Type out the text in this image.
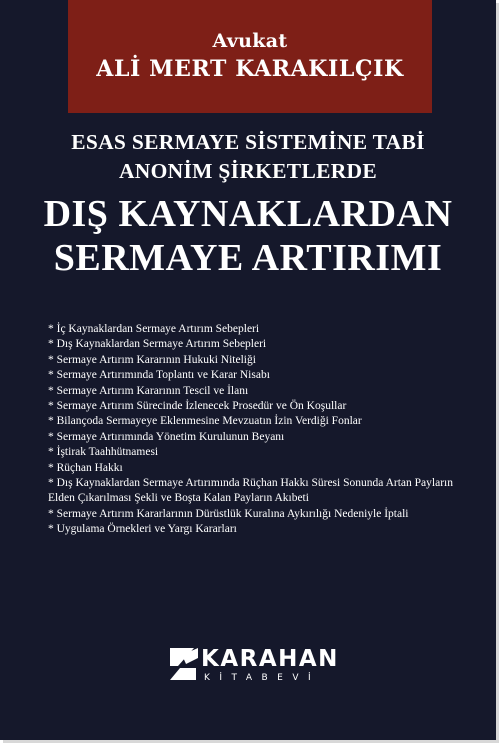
Avukat
ALİ MERT KARAKILÇIK
ESAS SERMAYE SİSTEMİNE TABİ
ANONİM ŞİRKETLERDE
DIŞ KAYNAKLARDAN
SERMAYE ARTIRIMI
* İç Kaynaklardan Sermaye Artırım Sebepleri
* Dış Kaynaklardan Sermaye Artırım Sebepleri
* Sermaye Artırım Kararının Hukuki Niteliği
* Sermaye Artırımında Toplantı ve Karar Nisabı
* Sermaye Artırım Kararının Tescil ve İlanı
* Sermaye Artırım Sürecinde İzlenecek Prosedür ve Ön Koşullar
* Bilançoda Sermayeye Eklenmesine Mevzuatın İzin Verdiği Fonlar
* Sermaye Artırımında Yönetim Kurulunun Beyanı
* İştirak Taahhütnamesi
* Rüçhan Hakkı
* Dış Kaynaklardan Sermaye Artırımında Rüçhan Hakkı Süresi Sonunda Artan Payların
Elden Çıkarılması Şekli ve Boşta Kalan Payların Akıbeti
* Sermaye Artırım Kararlarının Dürüstlük Kuralına Aykırılığı Nedeniyle İptali
* Uygulama Örnekleri ve Yargı Kararları
KARAHAN
KİTABEVİ
